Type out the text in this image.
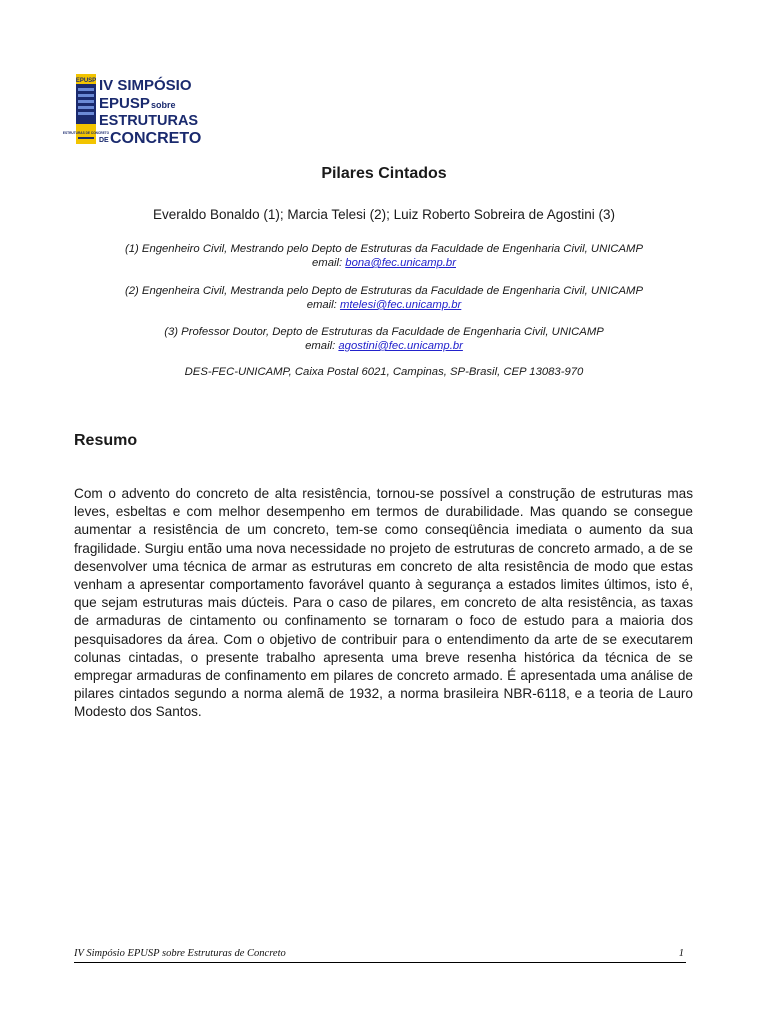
EPUSP
ESTRUTURAS DE CONCRETO
IV SIMPÓSIO
EPUSP sobre
ESTRUTURAS
DE CONCRETO
Pilares Cintados
Everaldo Bonaldo (1); Marcia Telesi (2); Luiz Roberto Sobreira de Agostini (3)
(1) Engenheiro Civil, Mestrando pelo Depto de Estruturas da Faculdade de Engenharia Civil, UNICAMP
email: bona@fec.unicamp.br
(2) Engenheira Civil, Mestranda pelo Depto de Estruturas da Faculdade de Engenharia Civil, UNICAMP
email: mtelesi@fec.unicamp.br
(3) Professor Doutor, Depto de Estruturas da Faculdade de Engenharia Civil, UNICAMP
email: agostini@fec.unicamp.br
DES-FEC-UNICAMP, Caixa Postal 6021, Campinas, SP-Brasil, CEP 13083-970
Resumo

Com o advento do concreto de alta resistência, tornou-se possível a construção de estruturas mas leves, esbeltas e com melhor desempenho em termos de durabilidade. Mas quando se consegue aumentar a resistência de um concreto, tem-se como conseqüência imediata o aumento da sua fragilidade. Surgiu então uma nova necessidade no projeto de estruturas de concreto armado, a de se desenvolver uma técnica de armar as estruturas em concreto de alta resistência de modo que estas venham a apresentar comportamento favorável quanto à segurança a estados limites últimos, isto é, que sejam estruturas mais dúcteis. Para o caso de pilares, em concreto de alta resistência, as taxas de armaduras de cintamento ou confinamento se tornaram o foco de estudo para a maioria dos pesquisadores da área. Com o objetivo de contribuir para o entendimento da arte de se executarem colunas cintadas, o presente trabalho apresenta uma breve resenha histórica da técnica de se empregar armaduras de confinamento em pilares de concreto armado. É apresentada uma análise de pilares cintados segundo a norma alemã de 1932, a norma brasileira NBR-6118, e a teoria de Lauro Modesto dos Santos.

IV Simpósio EPUSP sobre Estruturas de Concreto	1
